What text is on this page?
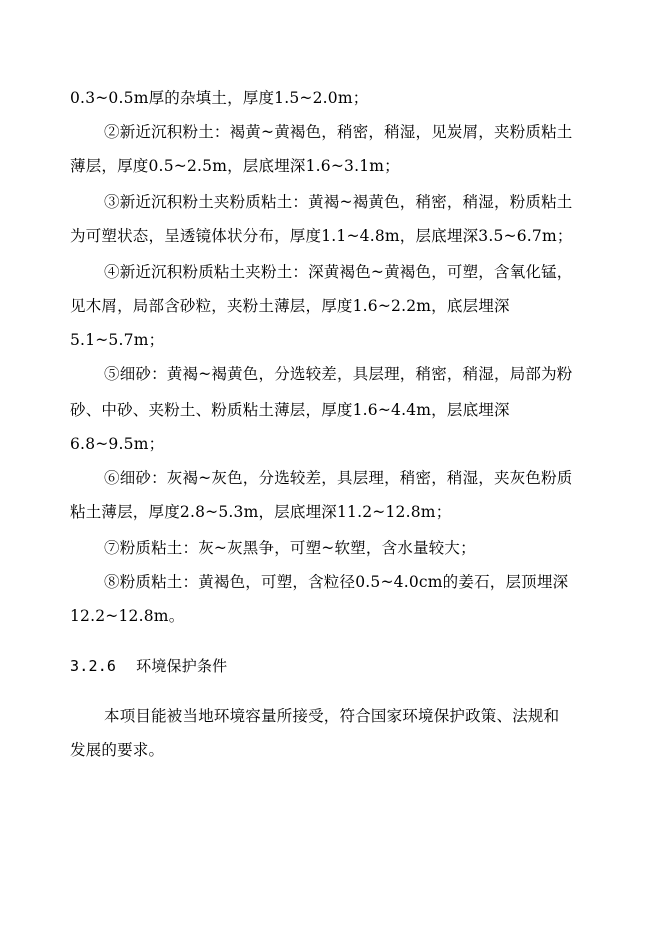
0.3~0.5m厚的杂填土，厚度1.5~2.0m；
②新近沉积粉土：褐黄~黄褐色，稍密，稍湿，见炭屑，夹粉质粘土
薄层，厚度0.5~2.5m，层底埋深1.6~3.1m；
③新近沉积粉土夹粉质粘土：黄褐~褐黄色，稍密，稍湿，粉质粘土
为可塑状态，呈透镜体状分布，厚度1.1~4.8m，层底埋深3.5~6.7m；
④新近沉积粉质粘土夹粉土：深黄褐色~黄褐色，可塑，含氧化锰，
见木屑，局部含砂粒，夹粉土薄层，厚度1.6~2.2m，底层埋深
5.1~5.7m；
⑤细砂：黄褐~褐黄色，分选较差，具层理，稍密，稍湿，局部为粉
砂、中砂、夹粉土、粉质粘土薄层，厚度1.6~4.4m，层底埋深
6.8~9.5m；
⑥细砂：灰褐~灰色，分选较差，具层理，稍密，稍湿，夹灰色粉质
粘土薄层，厚度2.8~5.3m，层底埋深11.2~12.8m；
⑦粉质粘土：灰~灰黑争，可塑~软塑，含水量较大；
⑧粉质粘土：黄褐色，可塑，含粒径0.5~4.0cm的姜石，层顶埋深
12.2~12.8m。
3.2.6 环境保护条件
本项目能被当地环境容量所接受，符合国家环境保护政策、法规和
发展的要求。
